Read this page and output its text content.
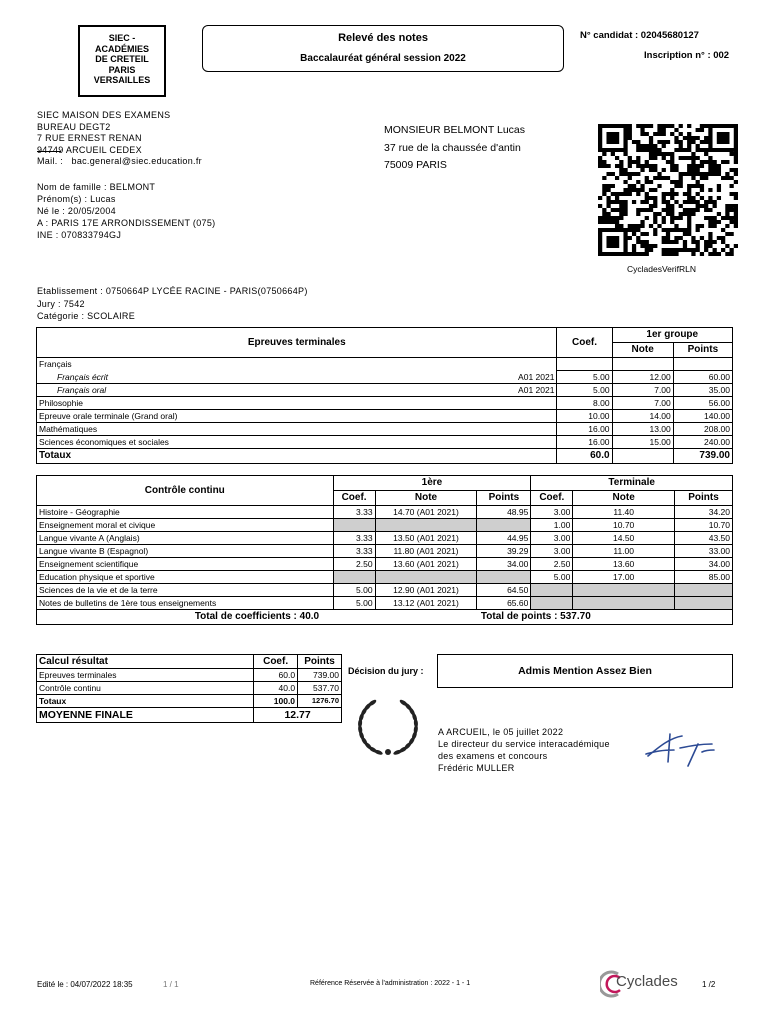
SIEC -
ACADÉMIES
DE CRETEIL
PARIS
VERSAILLES
Relevé des notes
Baccalauréat général session 2022
N° candidat : 02045680127
Inscription n° : 002
SIEC MAISON DES EXAMENS
BUREAU DEGT2
7 RUE ERNEST RENAN
94749 ARCUEIL CEDEX
Mail. : bac.general@siec.education.fr
MONSIEUR BELMONT Lucas
37 rue de la chaussée d'antin
75009 PARIS
CycladesVerifRLN
Nom de famille : BELMONT
Prénom(s) : Lucas
Né le : 20/05/2004
A : PARIS 17E ARRONDISSEMENT (075)
INE : 070833794GJ
Etablissement : 0750664P LYCÉE RACINE - PARIS(0750664P)
Jury : 7542
Catégorie : SCOLAIRE
Epreuves terminales		Coef.	1er groupe	
			Note	Points
Français				
Français écrit	A01 2021	5.00	12.00	60.00
Français oral	A01 2021	5.00	7.00	35.00
Philosophie		8.00	7.00	56.00
Epreuve orale terminale (Grand oral)		10.00	14.00	140.00
Mathématiques		16.00	13.00	208.00
Sciences économiques et sociales		16.00	15.00	240.00
Totaux		60.0		739.00
Contrôle continu	1ère			Terminale		
	Coef.	Note	Points	Coef.	Note	Points
Histoire - Géographie	3.33	14.70 (A01 2021)	48.95	3.00	11.40	34.20
Enseignement moral et civique				1.00	10.70	10.70
Langue vivante A (Anglais)	3.33	13.50 (A01 2021)	44.95	3.00	14.50	43.50
Langue vivante B (Espagnol)	3.33	11.80 (A01 2021)	39.29	3.00	11.00	33.00
Enseignement scientifique	2.50	13.60 (A01 2021)	34.00	2.50	13.60	34.00
Education physique et sportive				5.00	17.00	85.00
Sciences de la vie et de la terre	5.00	12.90 (A01 2021)	64.50			
Notes de bulletins de 1ère tous enseignements	5.00	13.12 (A01 2021)	65.60			
Total de coefficients : 40.0			Total de points : 537.70			
Calcul résultat	Coef.	Points
Epreuves terminales	60.0	739.00
Contrôle continu	40.0	537.70
Totaux	100.0	1276.70
MOYENNE FINALE	12.77	
Décision du jury :	Admis Mention Assez Bien
A ARCUEIL, le 05 juillet 2022
Le directeur du service interacadémique
des examens et concours
Frédéric MULLER
Edité le : 04/07/2022 18:35	1 / 1	Référence Réservée à l'administration : 2022 - 1 - 1	Cyclades	1 /2
